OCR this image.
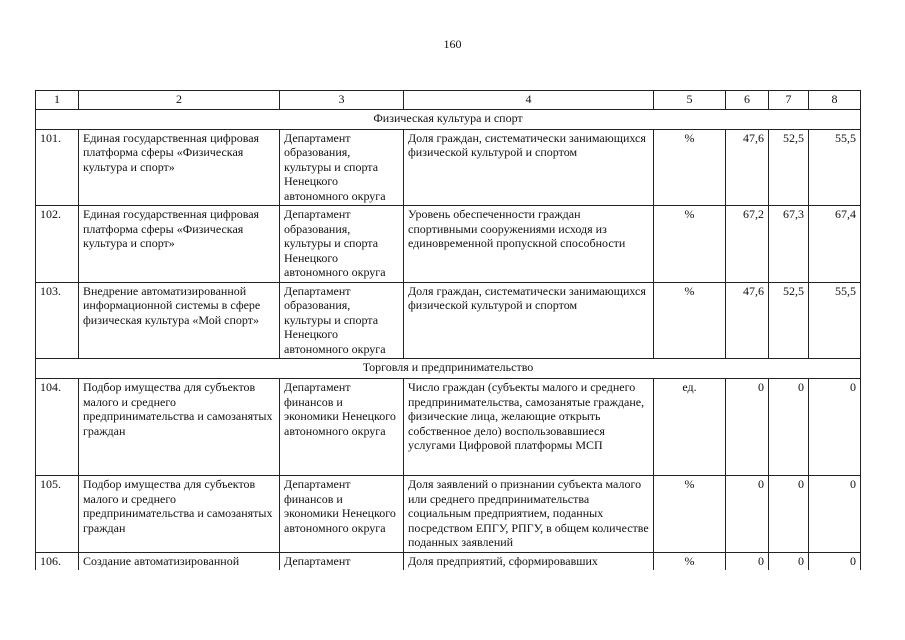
160
1	2	3	4	5	6	7	8
Физическая культура и спорт							
101.	Единая государственная цифровая платформа сферы «Физическая культура и спорт»	Департамент образования, культуры и спорта Ненецкого автономного округа	Доля граждан, систематически занимающихся физической культурой и спортом	%	47,6	52,5	55,5
102.	Единая государственная цифровая платформа сферы «Физическая культура и спорт»	Департамент образования, культуры и спорта Ненецкого автономного округа	Уровень обеспеченности граждан спортивными сооружениями исходя из единовременной пропускной способности	%	67,2	67,3	67,4
103.	Внедрение автоматизированной информационной системы в сфере физическая культура «Мой спорт»	Департамент образования, культуры и спорта Ненецкого автономного округа	Доля граждан, систематически занимающихся физической культурой и спортом	%	47,6	52,5	55,5
Торговля и предпринимательство							
104.	Подбор имущества для субъектов малого и среднего предпринимательства и самозанятых граждан	Департамент финансов и экономики Ненецкого автономного округа	Число граждан (субъекты малого и среднего предпринимательства, самозанятые граждане, физические лица, желающие открыть собственное дело) воспользовавшиеся услугами Цифровой платформы МСП	ед.	0	0	0
105.	Подбор имущества для субъектов малого и среднего предпринимательства и самозанятых граждан	Департамент финансов и экономики Ненецкого автономного округа	Доля заявлений о признании субъекта малого или среднего предпринимательства социальным предприятием, поданных посредством ЕПГУ, РПГУ, в общем количестве поданных заявлений	%	0	0	0
106.	Создание автоматизированной	Департамент	Доля предприятий, сформировавших	%	0	0	0
